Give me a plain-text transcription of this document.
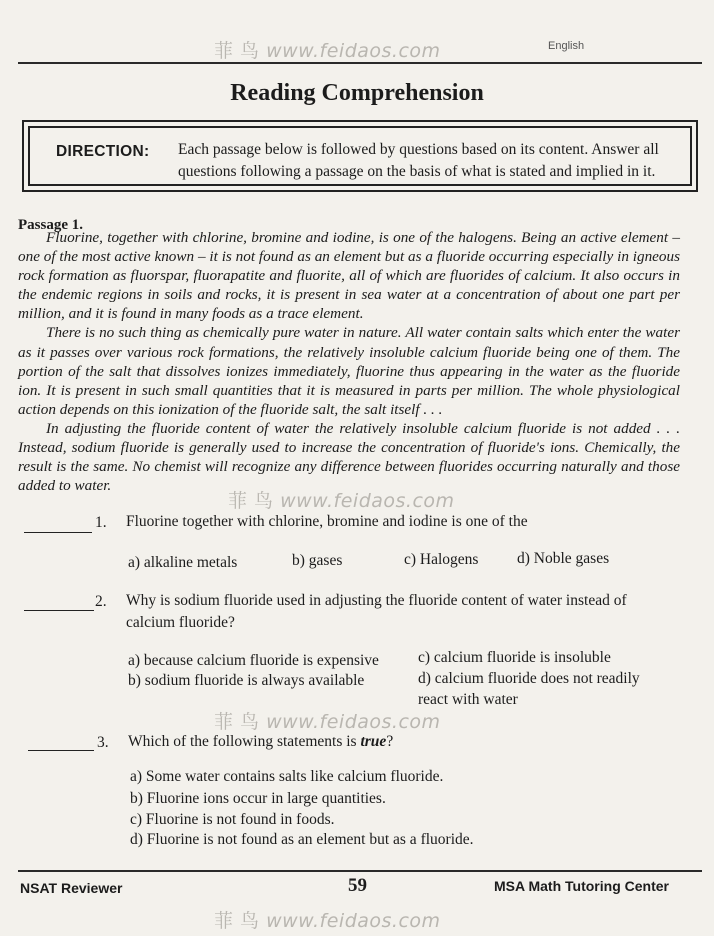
菲 鸟 www.feidaos.com
菲 鸟 www.feidaos.com
菲 鸟 www.feidaos.com
菲 鸟 www.feidaos.com
English
Reading Comprehension
DIRECTION: Each passage below is followed by questions based on its content. Answer all questions following a passage on the basis of what is stated and implied in it.
Passage 1.

Fluorine, together with chlorine, bromine and iodine, is one of the halogens. Being an active element – one of the most active known – it is not found as an element but as a fluoride occurring especially in igneous rock formation as fluorspar, fluorapatite and fluorite, all of which are fluorides of calcium. It also occurs in the endemic regions in soils and rocks, it is present in sea water at a concentration of about one part per million, and it is found in many foods as a trace element.

There is no such thing as chemically pure water in nature. All water contain salts which enter the water as it passes over various rock formations, the relatively insoluble calcium fluoride being one of them. The portion of the salt that dissolves ionizes immediately, fluorine thus appearing in the water as the fluoride ion. It is present in such small quantities that it is measured in parts per million. The whole physiological action depends on this ionization of the fluoride salt, the salt itself . . .

In adjusting the fluoride content of water the relatively insoluble calcium fluoride is not added . . . Instead, sodium fluoride is generally used to increase the concentration of fluoride's ions. Chemically, the result is the same. No chemist will recognize any difference between fluorides occurring naturally and those added to water.

1. Fluorine together with chlorine, bromine and iodine is one of the
a) alkaline metals	b) gases	c) Halogens d) Noble gases
2. Why is sodium fluoride used in adjusting the fluoride content of water instead of calcium fluoride?
a) because calcium fluoride is expensive
b) sodium fluoride is always available
c) calcium fluoride is insoluble
d) calcium fluoride does not readily react with water
3. Which of the following statements is true?
a) Some water contains salts like calcium fluoride.
b) Fluorine ions occur in large quantities.
c) Fluorine is not found in foods.
d) Fluorine is not found as an element but as a fluoride.
NSAT Reviewer	59	MSA Math Tutoring Center
